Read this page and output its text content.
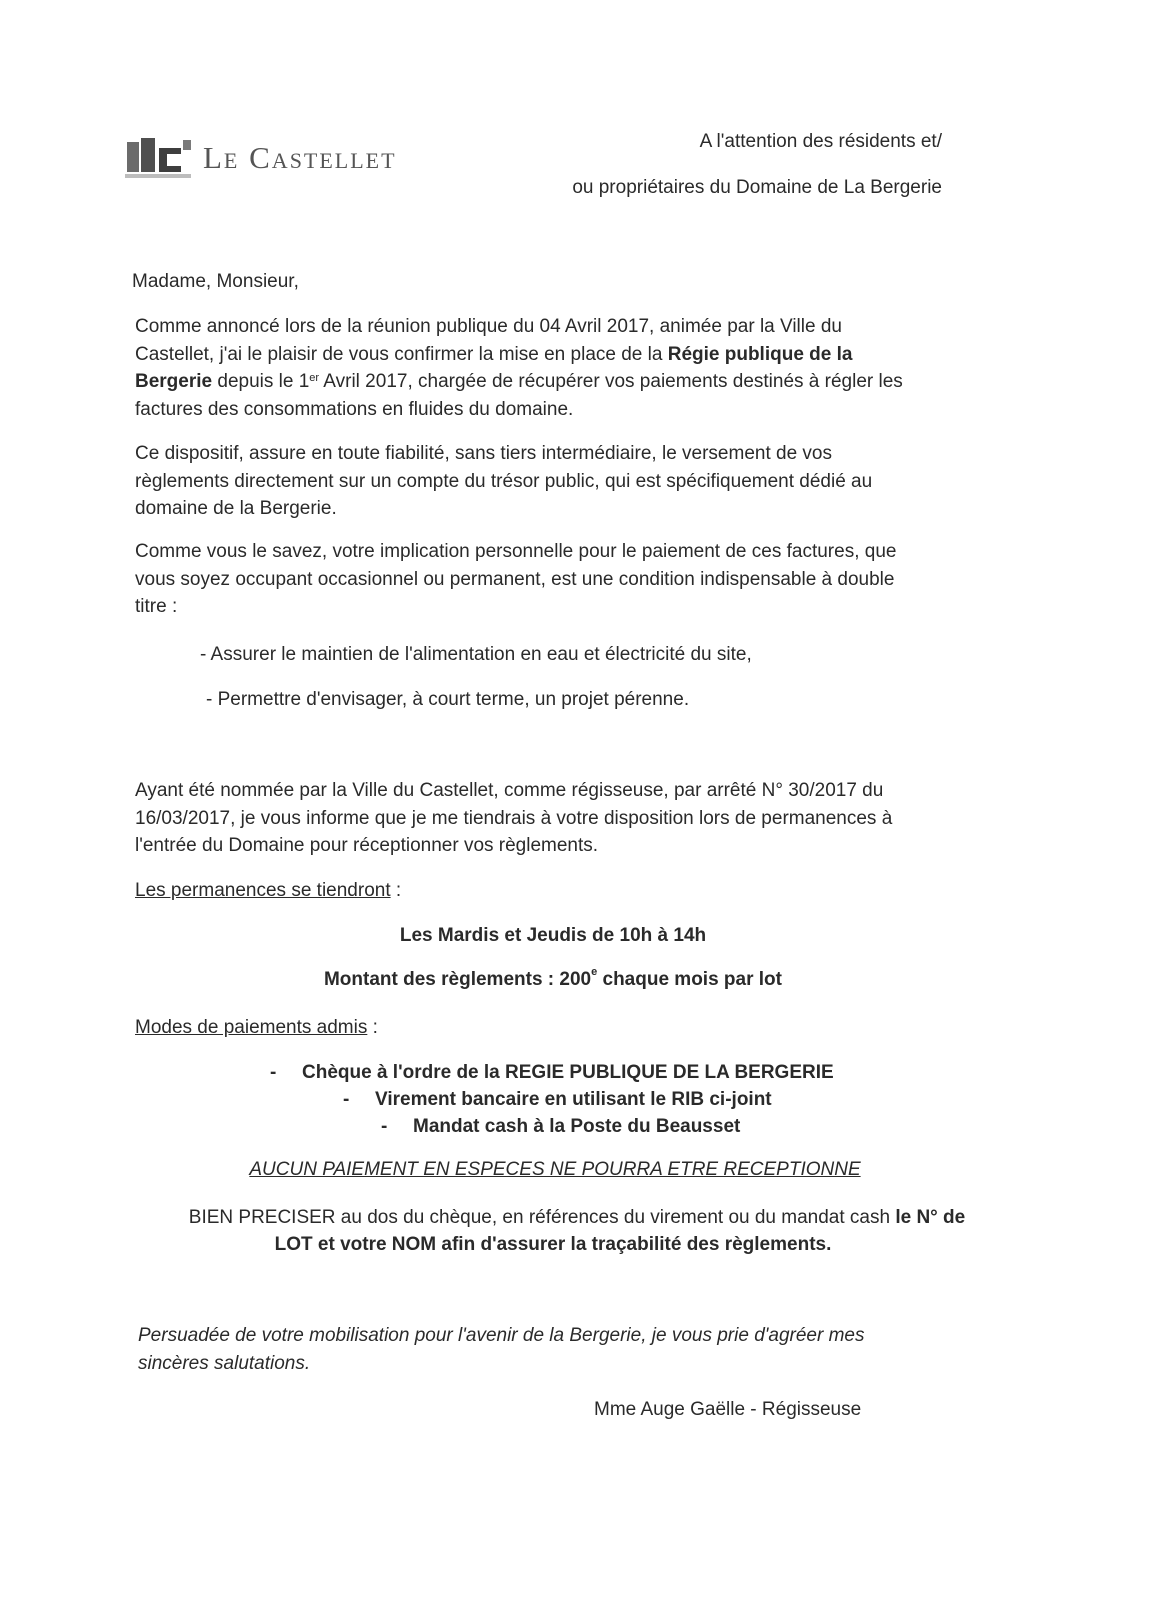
Le Castellet	A l'attention des résidents et/
ou propriétaires du Domaine de La Bergerie
Madame, Monsieur,
Comme annoncé lors de la réunion publique du 04 Avril 2017, animée par la Ville du
Castellet, j'ai le plaisir de vous confirmer la mise en place de la Régie publique de la
Bergerie depuis le 1er Avril 2017, chargée de récupérer vos paiements destinés à régler les
factures des consommations en fluides du domaine.
Ce dispositif, assure en toute fiabilité, sans tiers intermédiaire, le versement de vos
règlements directement sur un compte du trésor public, qui est spécifiquement dédié au
domaine de la Bergerie.
Comme vous le savez, votre implication personnelle pour le paiement de ces factures, que
vous soyez occupant occasionnel ou permanent, est une condition indispensable à double
titre :
- Assurer le maintien de l'alimentation en eau et électricité du site,
- Permettre d'envisager, à court terme, un projet pérenne.
Ayant été nommée par la Ville du Castellet, comme régisseuse, par arrêté N° 30/2017 du
16/03/2017, je vous informe que je me tiendrais à votre disposition lors de permanences à
l'entrée du Domaine pour réceptionner vos règlements.
Les permanences se tiendront :
Les Mardis et Jeudis de 10h à 14h
Montant des règlements : 200e chaque mois par lot
Modes de paiements admis :
- Chèque à l'ordre de la REGIE PUBLIQUE DE LA BERGERIE
- Virement bancaire en utilisant le RIB ci-joint
- Mandat cash à la Poste du Beausset
AUCUN PAIEMENT EN ESPECES NE POURRA ETRE RECEPTIONNE
BIEN PRECISER au dos du chèque, en références du virement ou du mandat cash le N° de
LOT et votre NOM afin d'assurer la traçabilité des règlements.
Persuadée de votre mobilisation pour l'avenir de la Bergerie, je vous prie d'agréer mes
sincères salutations.
Mme Auge Gaëlle - Régisseuse
